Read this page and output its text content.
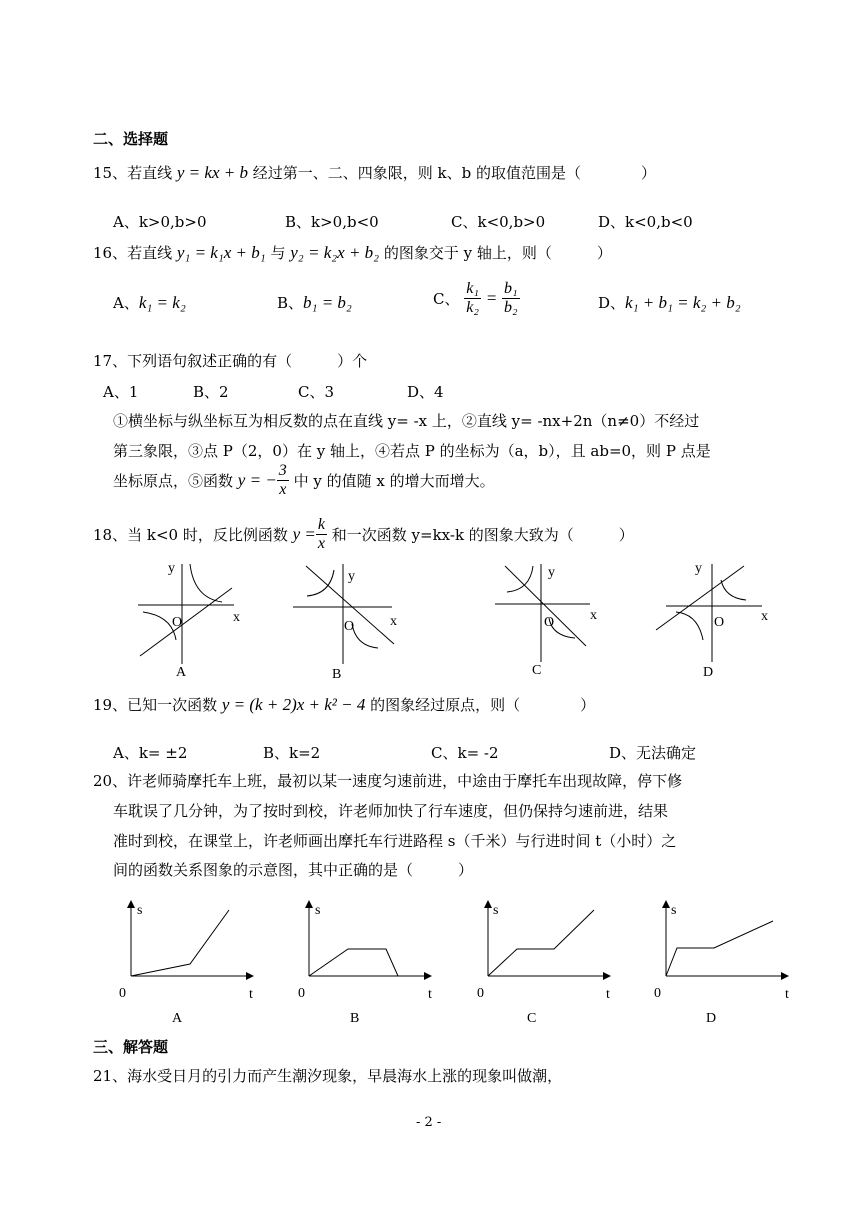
二、选择题
15、若直线 y = kx + b 经过第一、二、四象限，则 k、b 的取值范围是（　　　　）
A、k>0,b>0	B、k>0,b<0	C、k<0,b>0	D、k<0,b<0
16、若直线 y₁ = k₁x + b₁ 与 y₂ = k₂x + b₂ 的图象交于 y 轴上，则（　　　）
A、k₁ = k₂	B、b₁ = b₂	C、 $\frac{\text{k₁}}{\text{k₂}} = \frac{\text{b₁}}{\text{b₂}}$	D、k₁ + b₁ = k₂ + b₂
17、下列语句叙述正确的有（　　　）个
A、1	B、2	C、3	D、4
①横坐标与纵坐标互为相反数的点在直线 y= -x 上，②直线 y= -nx+2n（n≠0）不经过
第三象限，③点 P（2，0）在 y 轴上，④若点 P 的坐标为（a，b），且 ab=0，则 P 点是
坐标原点，⑤函数 y = − $\frac{3}{x}$ 中 y 的值随 x 的增大而增大。
18、当 k<0 时，反比例函数 $y = \frac{k}{x}$ 和一次函数 y=kx-k 的图象大致为（　　　）
y
x
O
A
y
x
O
B
y
x
O
C
y
x
O
D
19、已知一次函数 y = (k + 2)x + k² − 4 的图象经过原点，则（　　　　）
A、k= ±2	B、k=2	C、k= -2	D、无法确定
20、许老师骑摩托车上班，最初以某一速度匀速前进，中途由于摩托车出现故障，停下修
车耽误了几分钟，为了按时到校，许老师加快了行车速度，但仍保持匀速前进，结果
准时到校，在课堂上，许老师画出摩托车行进路程 s（千米）与行进时间 t（小时）之
间的函数关系图象的示意图，其中正确的是（　　　）
s
0	t
A
s
0	t
B
s
0	t
C
s
0	t
D
三、解答题
21、海水受日月的引力而产生潮汐现象，早晨海水上涨的现象叫做潮，
- 2 -
